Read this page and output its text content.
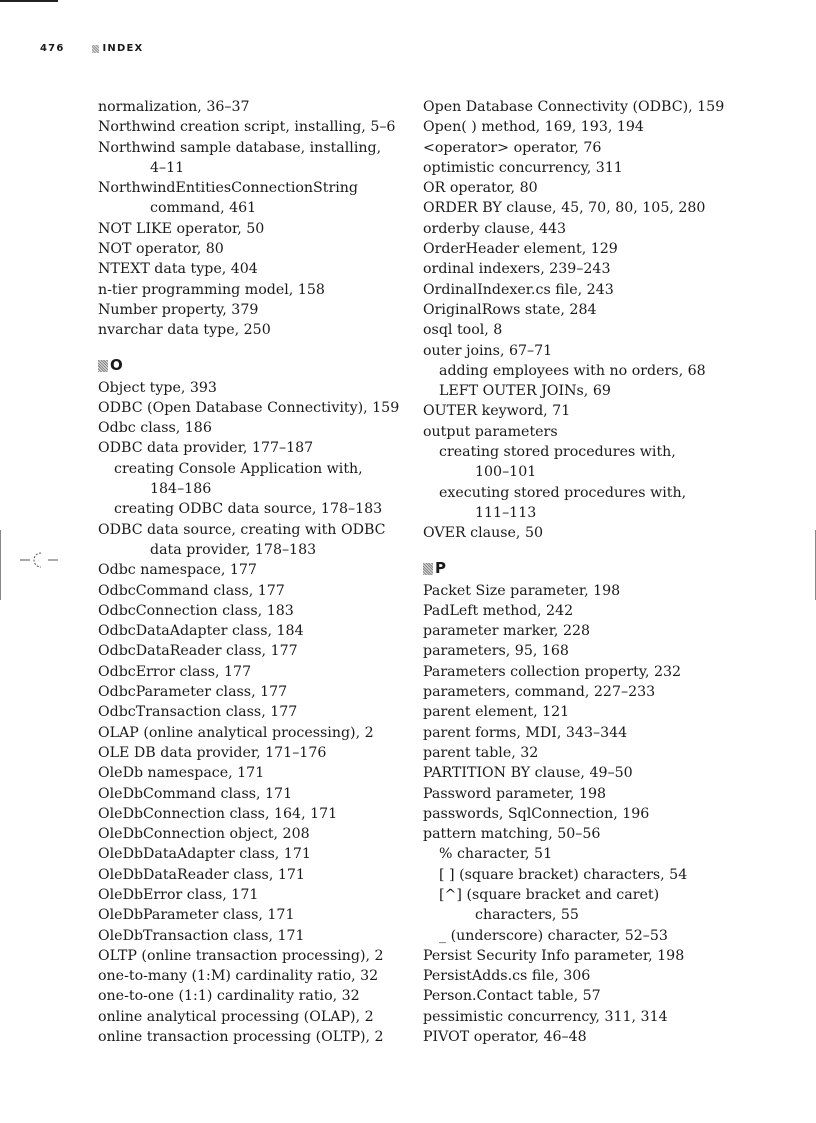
476	INDEX
normalization, 36–37
Northwind creation script, installing, 5–6
Northwind sample database, installing,
4–11
NorthwindEntitiesConnectionString
command, 461
NOT LIKE operator, 50
NOT operator, 80
NTEXT data type, 404
n-tier programming model, 158
Number property, 379
nvarchar data type, 250
O
Object type, 393
ODBC (Open Database Connectivity), 159
Odbc class, 186
ODBC data provider, 177–187
creating Console Application with,
184–186
creating ODBC data source, 178–183
ODBC data source, creating with ODBC
data provider, 178–183
Odbc namespace, 177
OdbcCommand class, 177
OdbcConnection class, 183
OdbcDataAdapter class, 184
OdbcDataReader class, 177
OdbcError class, 177
OdbcParameter class, 177
OdbcTransaction class, 177
OLAP (online analytical processing), 2
OLE DB data provider, 171–176
OleDb namespace, 171
OleDbCommand class, 171
OleDbConnection class, 164, 171
OleDbConnection object, 208
OleDbDataAdapter class, 171
OleDbDataReader class, 171
OleDbError class, 171
OleDbParameter class, 171
OleDbTransaction class, 171
OLTP (online transaction processing), 2
one-to-many (1:M) cardinality ratio, 32
one-to-one (1:1) cardinality ratio, 32
online analytical processing (OLAP), 2
online transaction processing (OLTP), 2
Open Database Connectivity (ODBC), 159
Open( ) method, 169, 193, 194
<operator> operator, 76
optimistic concurrency, 311
OR operator, 80
ORDER BY clause, 45, 70, 80, 105, 280
orderby clause, 443
OrderHeader element, 129
ordinal indexers, 239–243
OrdinalIndexer.cs file, 243
OriginalRows state, 284
osql tool, 8
outer joins, 67–71
adding employees with no orders, 68
LEFT OUTER JOINs, 69
OUTER keyword, 71
output parameters
creating stored procedures with,
100–101
executing stored procedures with,
111–113
OVER clause, 50
P
Packet Size parameter, 198
PadLeft method, 242
parameter marker, 228
parameters, 95, 168
Parameters collection property, 232
parameters, command, 227–233
parent element, 121
parent forms, MDI, 343–344
parent table, 32
PARTITION BY clause, 49–50
Password parameter, 198
passwords, SqlConnection, 196
pattern matching, 50–56
% character, 51
[ ] (square bracket) characters, 54
[^] (square bracket and caret)
characters, 55
_ (underscore) character, 52–53
Persist Security Info parameter, 198
PersistAdds.cs file, 306
Person.Contact table, 57
pessimistic concurrency, 311, 314
PIVOT operator, 46–48
